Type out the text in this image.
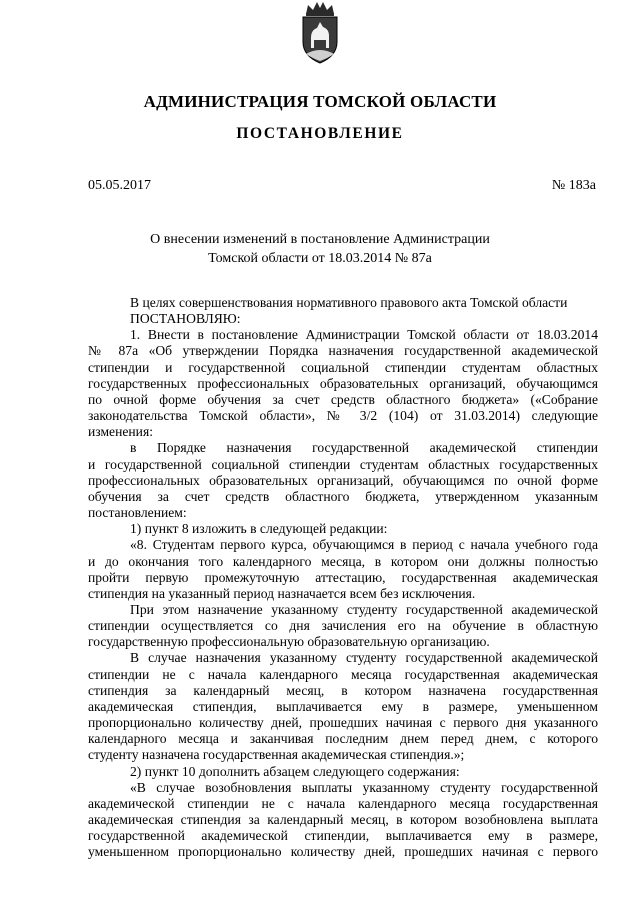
АДМИНИСТРАЦИЯ ТОМСКОЙ ОБЛАСТИ
ПОСТАНОВЛЕНИЕ
05.05.2017	№ 183а
О внесении изменений в постановление Администрации
Томской области от 18.03.2014 № 87а
В целях совершенствования нормативного правового акта Томской области
ПОСТАНОВЛЯЮ:
1. Внести в постановление Администрации Томской области от 18.03.2014
№ 87а «Об утверждении Порядка назначения государственной академической
стипендии и государственной социальной стипендии студентам областных
государственных профессиональных образовательных организаций, обучающимся
по очной форме обучения за счет средств областного бюджета» («Собрание
законодательства Томской области», № 3/2 (104) от 31.03.2014) следующие
изменения:
в Порядке назначения государственной академической стипендии
и государственной социальной стипендии студентам областных государственных
профессиональных образовательных организаций, обучающимся по очной форме
обучения за счет средств областного бюджета, утвержденном указанным
постановлением:
1) пункт 8 изложить в следующей редакции:
«8. Студентам первого курса, обучающимся в период с начала учебного года
и до окончания того календарного месяца, в котором они должны полностью
пройти первую промежуточную аттестацию, государственная академическая
стипендия на указанный период назначается всем без исключения.
При этом назначение указанному студенту государственной академической
стипендии осуществляется со дня зачисления его на обучение в областную
государственную профессиональную образовательную организацию.
В случае назначения указанному студенту государственной академической
стипендии не с начала календарного месяца государственная академическая
стипендия за календарный месяц, в котором назначена государственная
академическая стипендия, выплачивается ему в размере, уменьшенном
пропорционально количеству дней, прошедших начиная с первого дня указанного
календарного месяца и заканчивая последним днем перед днем, с которого
студенту назначена государственная академическая стипендия.»;
2) пункт 10 дополнить абзацем следующего содержания:
«В случае возобновления выплаты указанному студенту государственной
академической стипендии не с начала календарного месяца государственная
академическая стипендия за календарный месяц, в котором возобновлена выплата
государственной академической стипендии, выплачивается ему в размере,
уменьшенном пропорционально количеству дней, прошедших начиная с первого
